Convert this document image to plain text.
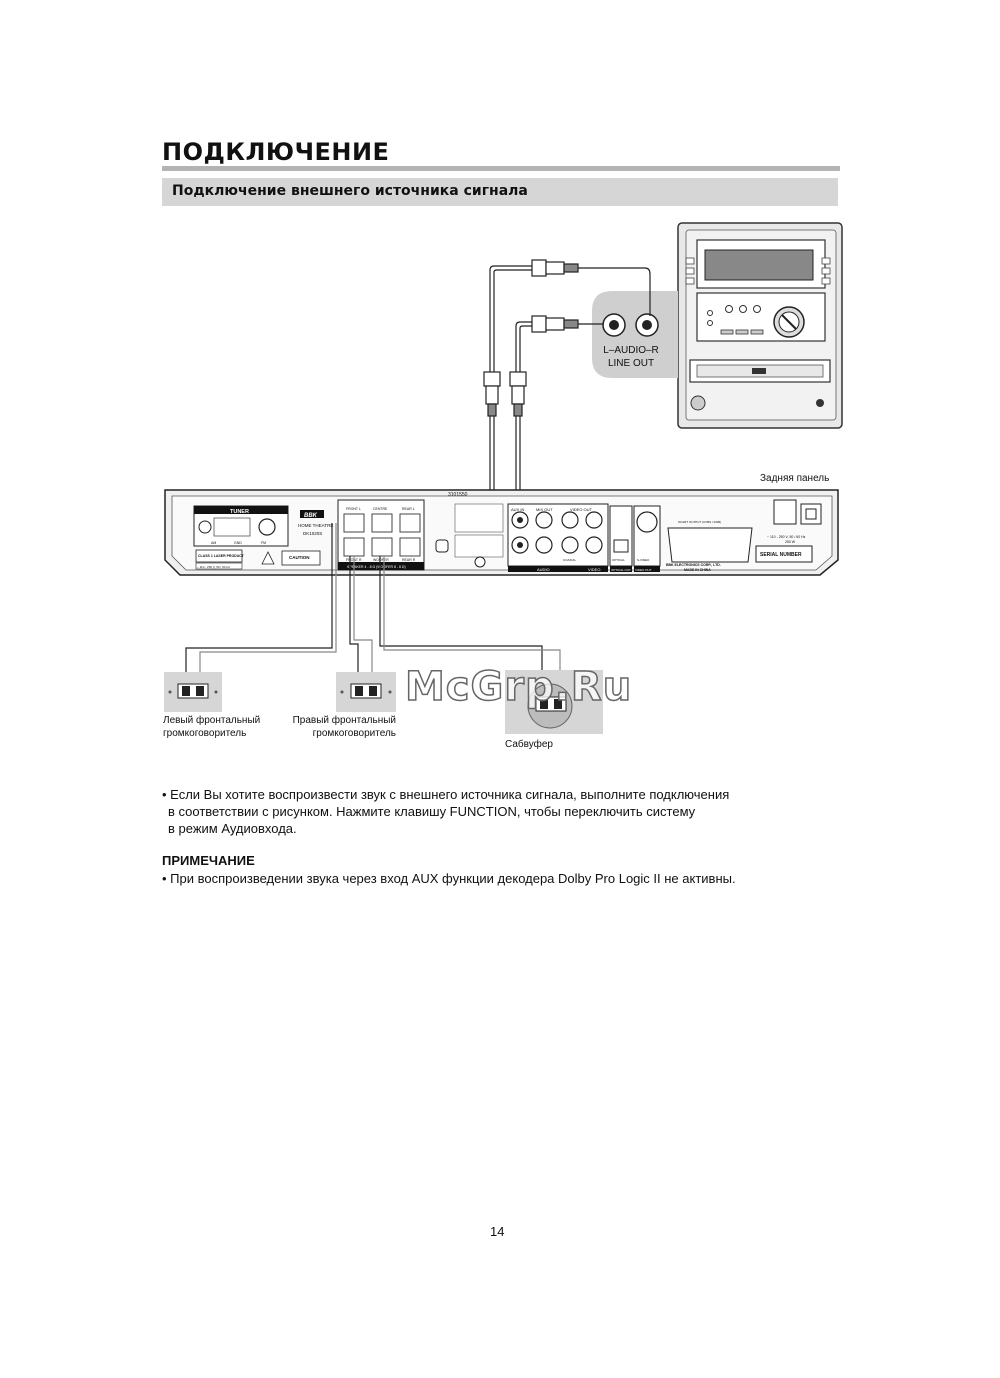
ПОДКЛЮЧЕНИЕ
Подключение внешнего источника сигнала
3101550
TUNER
AM	GND	FM
CLASS 1 LASER PRODUCT
~ 110 - 250 V, 50 / 60 Hz
CAUTION
BBK
HOME THEATRE
DK1020S
FRONT L	CENTRE	REAR L
FRONT R	WOOFER	REAR R
SPEAKER 4 - 8 Ω (WOOFER 8 - 8 Ω)
AUX IN	MIX OUT	VIDEO OUT
COAXIAL	OPTICAL	S-VIDEO
AUDIO	VIDEO	OPTICAL OUT VIDEO OUT
SCART OUTPUT (CVBS / RGB)
BBK ELECTRONICS CORP., LTD.
MADE IN CHINA
~ 110 - 250 V, 50 / 60 Hz
250 W
SERIAL NUMBER
L–AUDIO–R
LINE OUT
Задняя панель
Левый фронтальный
громкоговоритель
Правый фронтальный
громкоговоритель
Сабвуфер
McGrp.Ru
• Если Вы хотите воспроизвести звук с внешнего источника сигнала, выполните подключения
в соответствии с рисунком. Нажмите клавишу FUNCTION, чтобы переключить систему
в режим Аудиовхода.
ПРИМЕЧАНИЕ
• При воспроизведении звука через вход AUX функции декодера Dolby Pro Logic II не активны.
14
